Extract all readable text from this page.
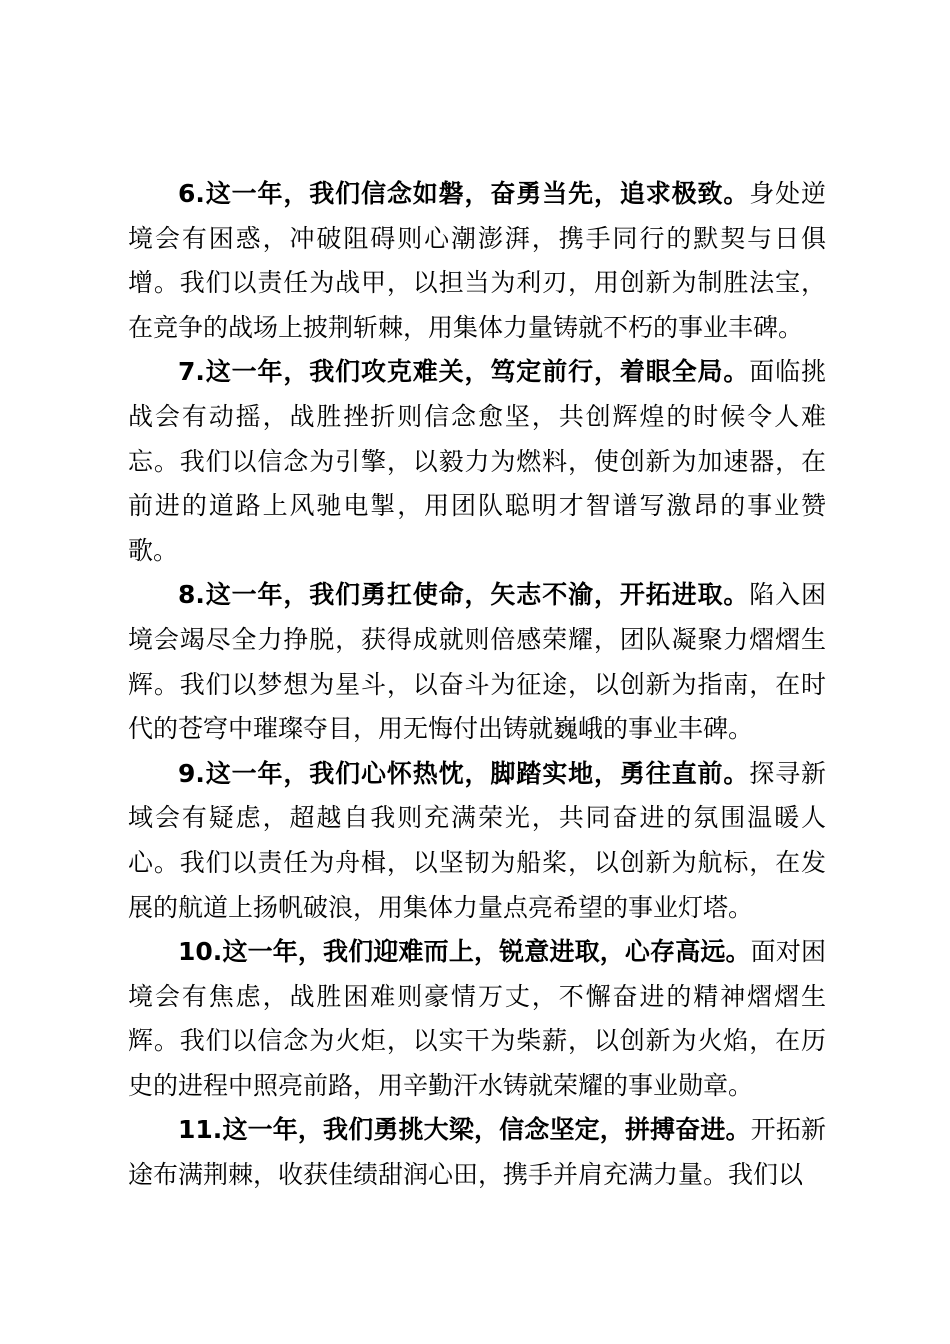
6.这一年，我们信念如磐，奋勇当先，追求极致。身处逆境会有困惑，冲破阻碍则心潮澎湃，携手同行的默契与日俱增。我们以责任为战甲，以担当为利刃，用创新为制胜法宝，在竞争的战场上披荆斩棘，用集体力量铸就不朽的事业丰碑。

7.这一年，我们攻克难关，笃定前行，着眼全局。面临挑战会有动摇，战胜挫折则信念愈坚，共创辉煌的时候令人难忘。我们以信念为引擎，以毅力为燃料，使创新为加速器，在前进的道路上风驰电掣，用团队聪明才智谱写激昂的事业赞歌。

8.这一年，我们勇扛使命，矢志不渝，开拓进取。陷入困境会竭尽全力挣脱，获得成就则倍感荣耀，团队凝聚力熠熠生辉。我们以梦想为星斗，以奋斗为征途，以创新为指南，在时代的苍穹中璀璨夺目，用无悔付出铸就巍峨的事业丰碑。

9.这一年，我们心怀热忱，脚踏实地，勇往直前。探寻新 域会有疑虑，超越自我则充满荣光，共同奋进的氛围温暖人心。我们以责任为舟楫，以坚韧为船桨，以创新为航标，在发展的航道上扬帆破浪，用集体力量点亮希望的事业灯塔。

10.这一年，我们迎难而上，锐意进取，心存高远。面对困境会有焦虑，战胜困难则豪情万丈，不懈奋进的精神熠熠生辉。我们以信念为火炬，以实干为柴薪，以创新为火焰，在历史的进程中照亮前路，用辛勤汗水铸就荣耀的事业勋章。

11.这一年，我们勇挑大梁，信念坚定，拼搏奋进。开拓新途布满荆棘，收获佳绩甜润心田，携手并肩充满力量。我们以
